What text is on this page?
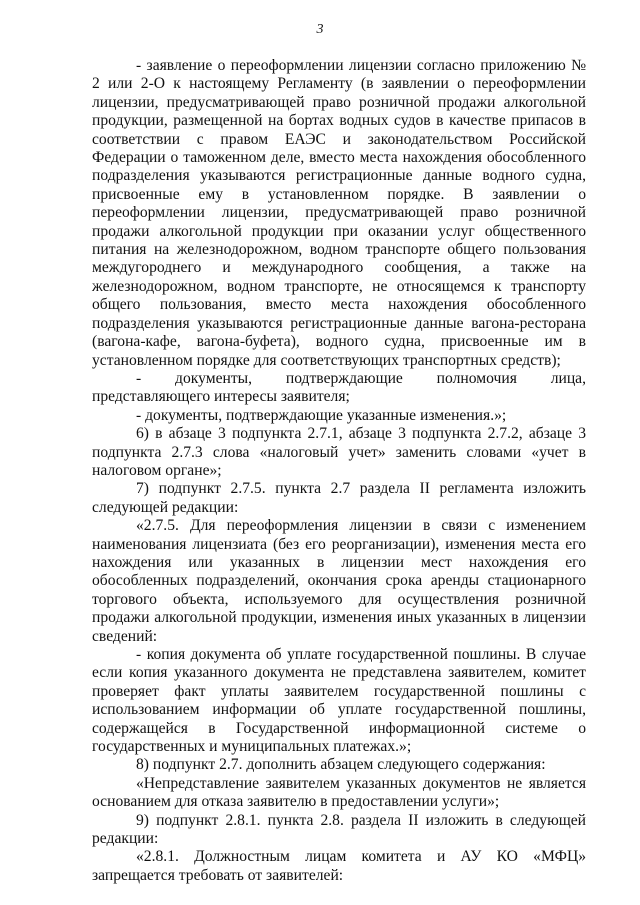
3

- заявление о переоформлении лицензии согласно приложению № 2 или 2-О к настоящему Регламенту (в заявлении о переоформлении лицензии, предусматривающей право розничной продажи алкогольной продукции, размещенной на бортах водных судов в качестве припасов в соответствии с правом ЕАЭС и законодательством Российской Федерации о таможенном деле, вместо места нахождения обособленного подразделения указываются регистрационные данные водного судна, присвоенные ему в установленном порядке. В заявлении о переоформлении лицензии, предусматривающей право розничной продажи алкогольной продукции при оказании услуг общественного питания на железнодорожном, водном транспорте общего пользования междугороднего и международного сообщения, а также на железнодорожном, водном транспорте, не относящемся к транспорту общего пользования, вместо места нахождения обособленного подразделения указываются регистрационные данные вагона-ресторана (вагона-кафе, вагона-буфета), водного судна, присвоенные им в установленном порядке для соответствующих транспортных средств);

- документы, подтверждающие полномочия лица, представляющего интересы заявителя;

- документы, подтверждающие указанные изменения.»;

6) в абзаце 3 подпункта 2.7.1, абзаце 3 подпункта 2.7.2, абзаце 3 подпункта 2.7.3 слова «налоговый учет» заменить словами «учет в налоговом органе»;

7) подпункт 2.7.5. пункта 2.7 раздела II регламента изложить следующей редакции:

«2.7.5. Для переоформления лицензии в связи с изменением наименования лицензиата (без его реорганизации), изменения места его нахождения или указанных в лицензии мест нахождения его обособленных подразделений, окончания срока аренды стационарного торгового объекта, используемого для осуществления розничной продажи алкогольной продукции, изменения иных указанных в лицензии сведений:

- копия документа об уплате государственной пошлины. В случае если копия указанного документа не представлена заявителем, комитет проверяет факт уплаты заявителем государственной пошлины с использованием информации об уплате государственной пошлины, содержащейся в Государственной информационной системе о государственных и муниципальных платежах.»;

8) подпункт 2.7. дополнить абзацем следующего содержания:

«Непредставление заявителем указанных документов не является основанием для отказа заявителю в предоставлении услуги»;

9) подпункт 2.8.1. пункта 2.8. раздела II изложить в следующей редакции:

«2.8.1. Должностным лицам комитета и АУ КО «МФЦ» запрещается требовать от заявителей:
